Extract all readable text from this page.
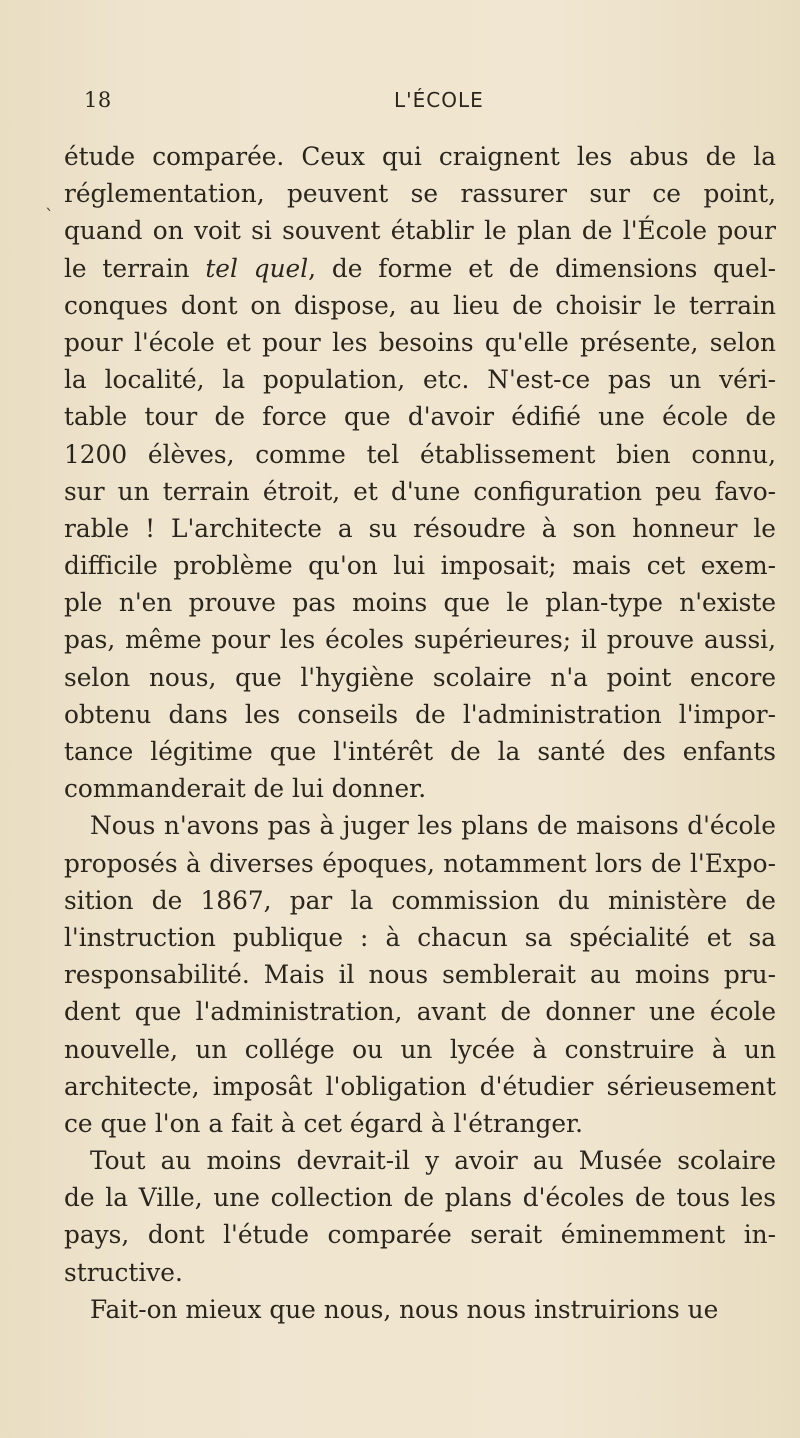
18	L'ÉCOLE
`
étude comparée. Ceux qui craignent les abus de la
réglementation, peuvent se rassurer sur ce point,
quand on voit si souvent établir le plan de l'École pour
le terrain tel quel, de forme et de dimensions quel-
conques dont on dispose, au lieu de choisir le terrain
pour l'école et pour les besoins qu'elle présente, selon
la localité, la population, etc. N'est-ce pas un véri-
table tour de force que d'avoir édifié une école de
1200 élèves, comme tel établissement bien connu,
sur un terrain étroit, et d'une configuration peu favo-
rable ! L'architecte a su résoudre à son honneur le
difficile problème qu'on lui imposait; mais cet exem-
ple n'en prouve pas moins que le plan-type n'existe
pas, même pour les écoles supérieures; il prouve aussi,
selon nous, que l'hygiène scolaire n'a point encore
obtenu dans les conseils de l'administration l'impor-
tance légitime que l'intérêt de la santé des enfants
commanderait de lui donner.
Nous n'avons pas à juger les plans de maisons d'école
proposés à diverses époques, notamment lors de l'Expo-
sition de 1867, par la commission du ministère de
l'instruction publique : à chacun sa spécialité et sa
responsabilité. Mais il nous semblerait au moins pru-
dent que l'administration, avant de donner une école
nouvelle, un collége ou un lycée à construire à un
architecte, imposât l'obligation d'étudier sérieusement
ce que l'on a fait à cet égard à l'étranger.
Tout au moins devrait-il y avoir au Musée scolaire
de la Ville, une collection de plans d'écoles de tous les
pays, dont l'étude comparée serait éminemment in-
structive.
Fait-on mieux que nous, nous nous instruirions ue
